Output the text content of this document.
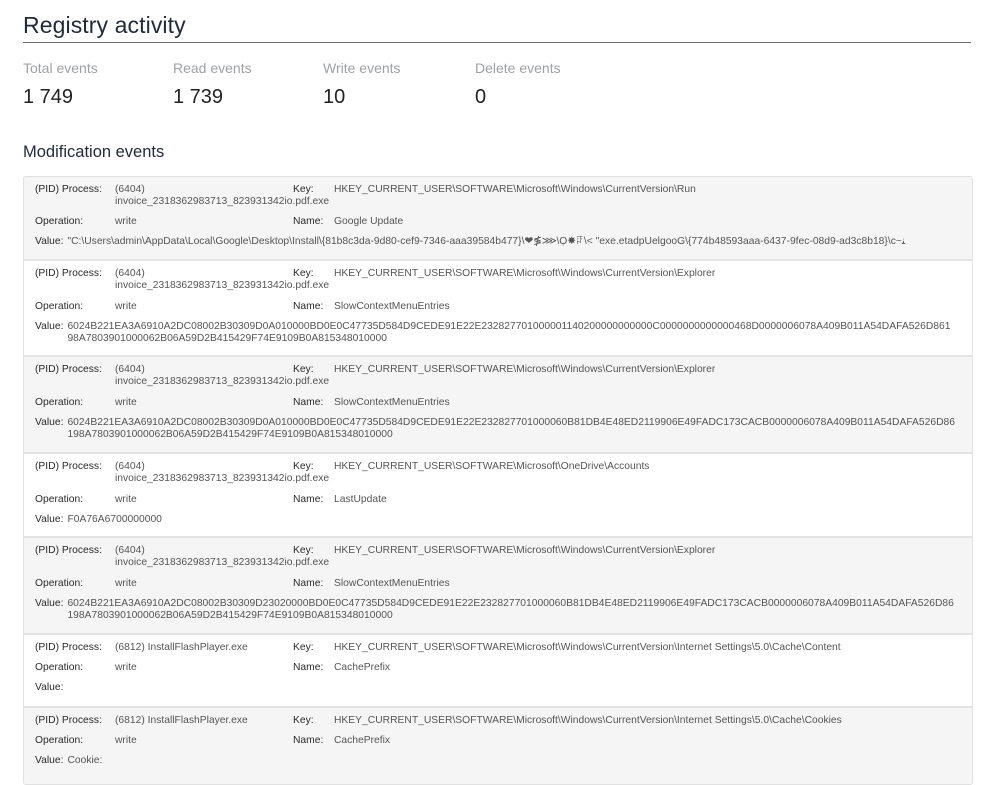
Registry activity
Total events
1 749
Read events
1 739
Write events
10
Delete events
0
Modification events
(PID) Process: (6404) invoice_2318362983713_823931342io.pdf.exe
Key: HKEY_CURRENT_USER\SOFTWARE\Microsoft\Windows\CurrentVersion\Run
Operation:	write	Name: Google Update
Value: "C:\Users\admin\AppData\Local\Google\Desktop\Install\{81b8c3da-9d80-cef9-7346-aaa39584b477}\❤≸⋙\Ọ✸ꌼ\< "exe.etadpUelgooG\{774b48593aaa-6437-9fec-08d9-ad3c8b18}\c~ﻨ
(PID) Process: (6404) invoice_2318362983713_823931342io.pdf.exe
Key: HKEY_CURRENT_USER\SOFTWARE\Microsoft\Windows\CurrentVersion\Explorer
Operation:	write	Name: SlowContextMenuEntries
Value: 6024B221EA3A6910A2DC08002B30309D0A010000BD0E0C47735D584D9CEDE91E22E232827701000001140200000000000C0000000000000468D0000006078A409B011A54DAFA526D86198A7803901000062B06A59D2B415429F74E9109B0A815348010000
(PID) Process: (6404) invoice_2318362983713_823931342io.pdf.exe
Key: HKEY_CURRENT_USER\SOFTWARE\Microsoft\Windows\CurrentVersion\Explorer
Operation:	write	Name: SlowContextMenuEntries
Value: 6024B221EA3A6910A2DC08002B30309D0A010000BD0E0C47735D584D9CEDE91E22E232827701000060B81DB4E48ED2119906E49FADC173CACB0000006078A409B011A54DAFA526D86198A7803901000062B06A59D2B415429F74E9109B0A815348010000
(PID) Process: (6404) invoice_2318362983713_823931342io.pdf.exe
Key: HKEY_CURRENT_USER\SOFTWARE\Microsoft\OneDrive\Accounts
Operation:	write	Name: LastUpdate
Value: F0A76A6700000000
(PID) Process: (6404) invoice_2318362983713_823931342io.pdf.exe
Key: HKEY_CURRENT_USER\SOFTWARE\Microsoft\Windows\CurrentVersion\Explorer
Operation:	write	Name: SlowContextMenuEntries
Value: 6024B221EA3A6910A2DC08002B30309D23020000BD0E0C47735D584D9CEDE91E22E232827701000060B81DB4E48ED2119906E49FADC173CACB0000006078A409B011A54DAFA526D86198A7803901000062B06A59D2B415429F74E9109B0A815348010000
(PID) Process: (6812) InstallFlashPlayer.exe	Key: HKEY_CURRENT_USER\SOFTWARE\Microsoft\Windows\CurrentVersion\Internet Settings\5.0\Cache\Content
Operation:	write	Name: CachePrefix
Value:
(PID) Process: (6812) InstallFlashPlayer.exe	Key: HKEY_CURRENT_USER\SOFTWARE\Microsoft\Windows\CurrentVersion\Internet Settings\5.0\Cache\Cookies
Operation:	write	Name: CachePrefix
Value: Cookie:
